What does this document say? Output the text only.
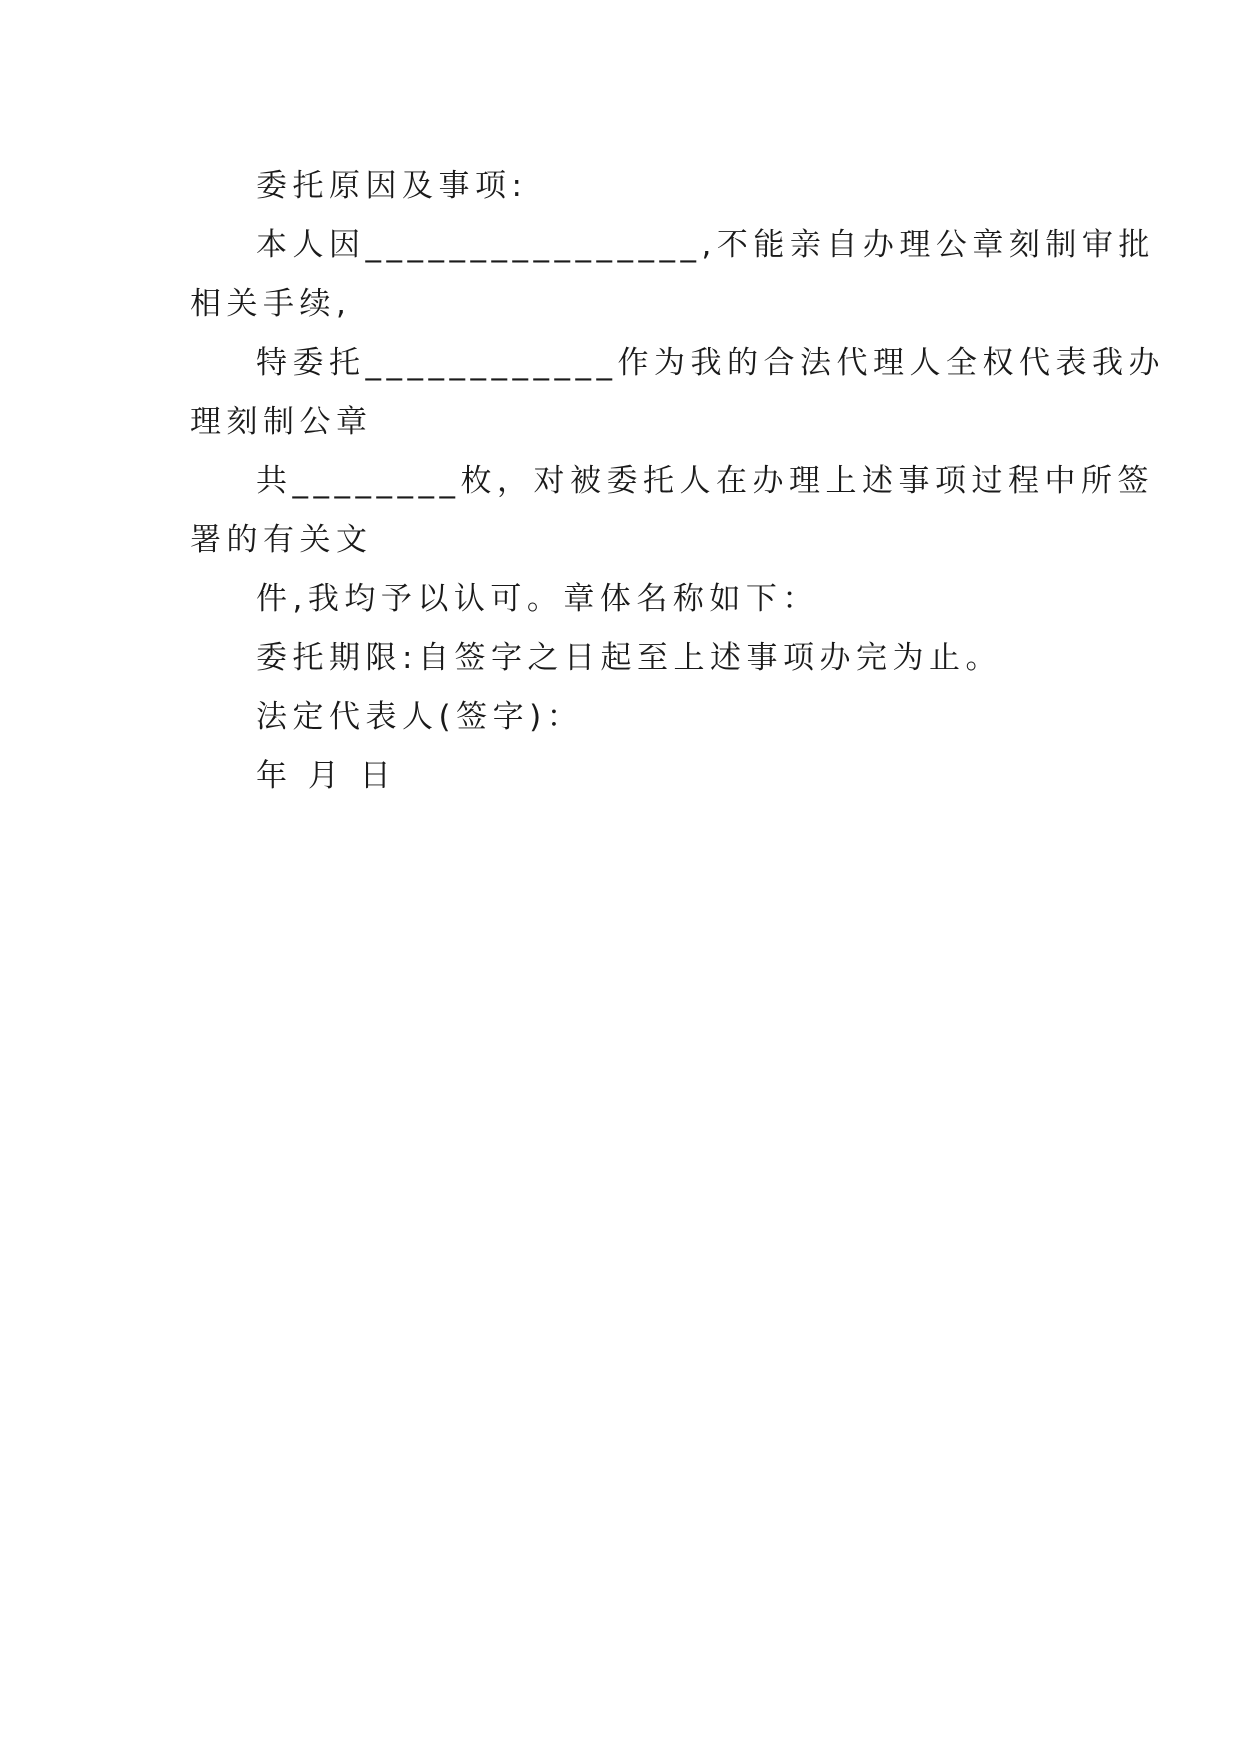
委托原因及事项:
本人因________________,不能亲自办理公章刻制审批
相关手续,
特委托____________作为我的合法代理人全权代表我办
理刻制公章
共________枚，对被委托人在办理上述事项过程中所签
署的有关文
件,我均予以认可。章体名称如下：
委托期限:自签字之日起至上述事项办完为止。
法定代表人(签字)：
年 月 日
